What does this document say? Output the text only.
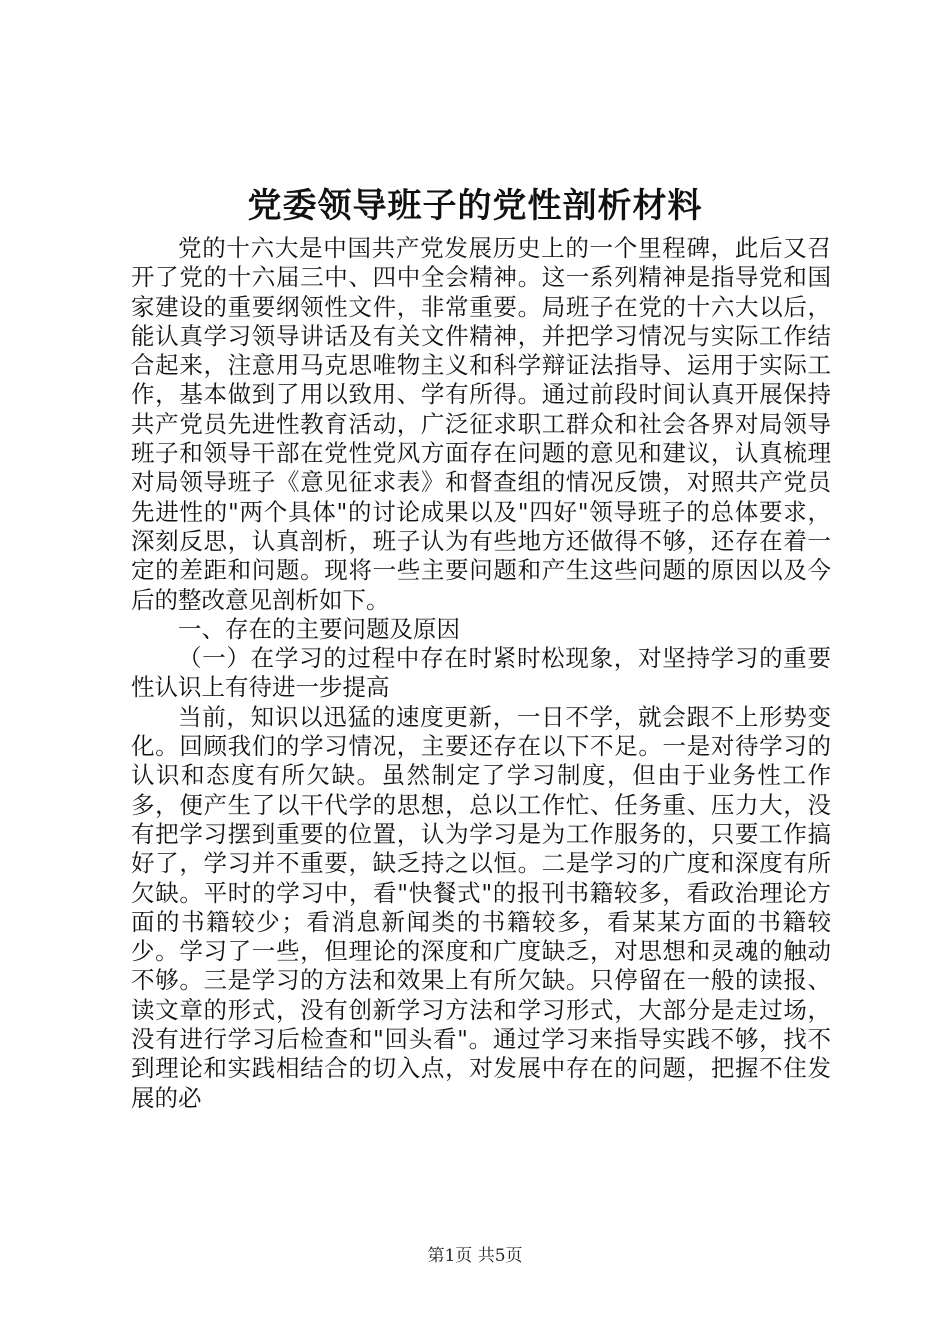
党委领导班子的党性剖析材料

党的十六大是中国共产党发展历史上的一个里程碑，此后又召开了党的十六届三中、四中全会精神。这一系列精神是指导党和国家建设的重要纲领性文件，非常重要。局班子在党的十六大以后，能认真学习领导讲话及有关文件精神，并把学习情况与实际工作结合起来，注意用马克思唯物主义和科学辩证法指导、运用于实际工作，基本做到了用以致用、学有所得。通过前段时间认真开展保持共产党员先进性教育活动，广泛征求职工群众和社会各界对局领导班子和领导干部在党性党风方面存在问题的意见和建议，认真梳理对局领导班子《意见征求表》和督查组的情况反馈，对照共产党员先进性的"两个具体"的讨论成果以及"四好"领导班子的总体要求，深刻反思，认真剖析，班子认为有些地方还做得不够，还存在着一定的差距和问题。现将一些主要问题和产生这些问题的原因以及今后的整改意见剖析如下。

一、存在的主要问题及原因

（一）在学习的过程中存在时紧时松现象，对坚持学习的重要性认识上有待进一步提高

当前，知识以迅猛的速度更新，一日不学，就会跟不上形势变化。回顾我们的学习情况，主要还存在以下不足。一是对待学习的认识和态度有所欠缺。虽然制定了学习制度，但由于业务性工作多，便产生了以干代学的思想，总以工作忙、任务重、压力大，没有把学习摆到重要的位置，认为学习是为工作服务的，只要工作搞好了，学习并不重要，缺乏持之以恒。二是学习的广度和深度有所欠缺。平时的学习中，看"快餐式"的报刊书籍较多，看政治理论方面的书籍较少；看消息新闻类的书籍较多，看某某方面的书籍较少。学习了一些，但理论的深度和广度缺乏，对思想和灵魂的触动不够。三是学习的方法和效果上有所欠缺。只停留在一般的读报、读文章的形式，没有创新学习方法和学习形式，大部分是走过场，没有进行学习后检查和"回头看"。通过学习来指导实践不够，找不到理论和实践相结合的切入点，对发展中存在的问题，把握不住发展的必

第1页 共5页
